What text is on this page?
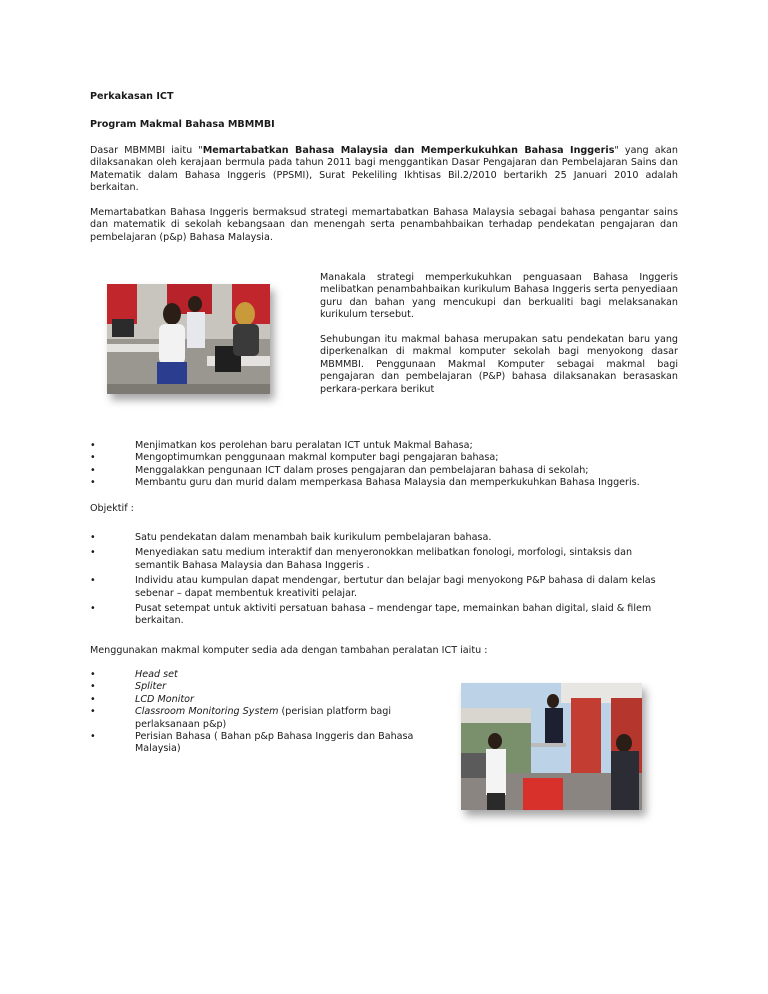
Perkakasan ICT
Program Makmal Bahasa MBMMBI
Dasar MBMMBI iaitu "Memartabatkan Bahasa Malaysia dan Memperkukuhkan Bahasa Inggeris" yang akan dilaksanakan oleh kerajaan bermula pada tahun 2011 bagi menggantikan Dasar Pengajaran dan Pembelajaran Sains dan Matematik dalam Bahasa Inggeris (PPSMI), Surat Pekeliling Ikhtisas Bil.2/2010 bertarikh 25 Januari 2010 adalah berkaitan.
Memartabatkan Bahasa Inggeris bermaksud strategi memartabatkan Bahasa Malaysia sebagai bahasa pengantar sains dan matematik di sekolah kebangsaan dan menengah serta penambahbaikan terhadap pendekatan pengajaran dan pembelajaran (p&p) Bahasa Malaysia.
Manakala strategi memperkukuhkan penguasaan Bahasa Inggeris melibatkan penambahbaikan kurikulum Bahasa Inggeris serta penyediaan guru dan bahan yang mencukupi dan berkualiti bagi melaksanakan kurikulum tersebut.
Sehubungan itu makmal bahasa merupakan satu pendekatan baru yang diperkenalkan di makmal komputer sekolah bagi menyokong dasar MBMMBI. Penggunaan Makmal Komputer sebagai makmal bagi pengajaran dan pembelajaran (P&P) bahasa dilaksanakan berasaskan perkara-perkara berikut
•	Menjimatkan kos perolehan baru peralatan ICT untuk Makmal Bahasa;
•	Mengoptimumkan penggunaan makmal komputer bagi pengajaran bahasa;
•	Menggalakkan pengunaan ICT dalam proses pengajaran dan pembelajaran bahasa di sekolah;
•	Membantu guru dan murid dalam memperkasa Bahasa Malaysia dan memperkukuhkan Bahasa Inggeris.
Objektif :
•	Satu pendekatan dalam menambah baik kurikulum pembelajaran bahasa.
•	Menyediakan satu medium interaktif dan menyeronokkan melibatkan fonologi, morfologi, sintaksis dan semantik Bahasa Malaysia dan Bahasa Inggeris .
•	Individu atau kumpulan dapat mendengar, bertutur dan belajar bagi menyokong P&P bahasa di dalam kelas sebenar – dapat membentuk kreativiti pelajar.
•	Pusat setempat untuk aktiviti persatuan bahasa – mendengar tape, memainkan bahan digital, slaid & filem berkaitan.
Menggunakan makmal komputer sedia ada dengan tambahan peralatan ICT iaitu :
•	Head set
•	Spliter
•	LCD Monitor
•	Classroom Monitoring System (perisian platform bagi perlaksanaan p&p)
•	Perisian Bahasa ( Bahan p&p Bahasa Inggeris dan Bahasa Malaysia)
